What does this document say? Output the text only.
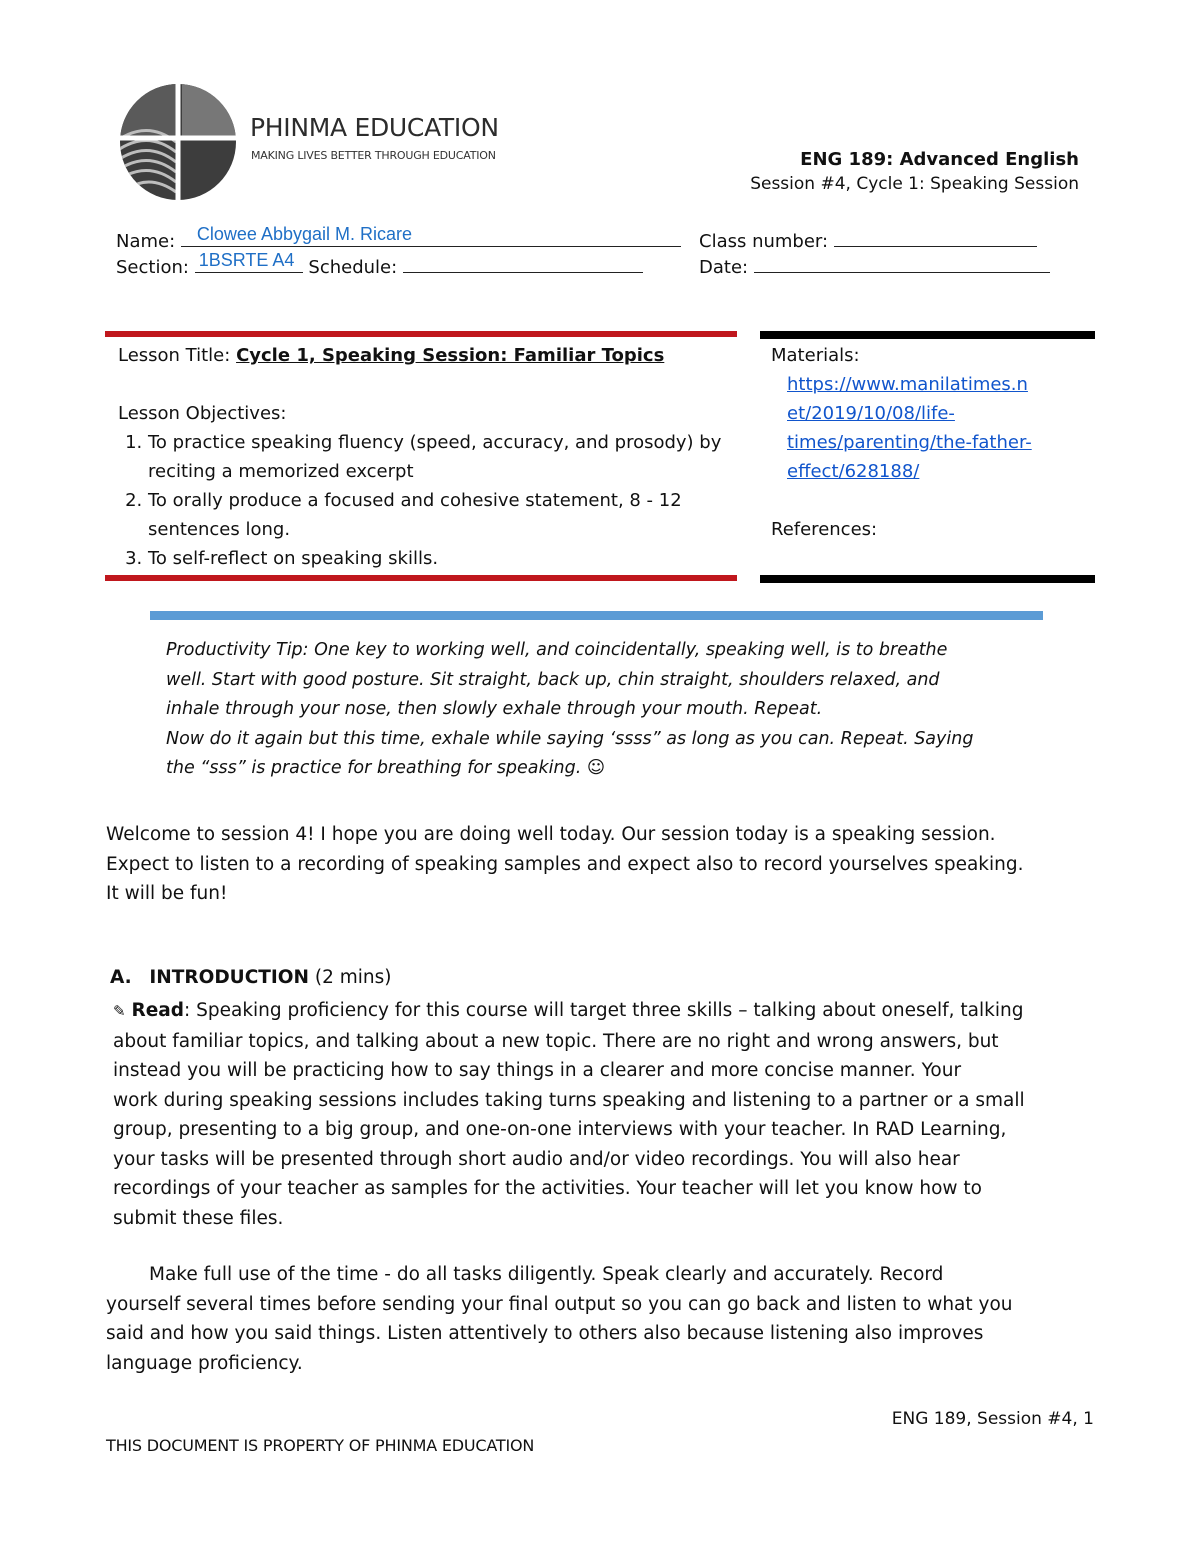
PHINMA EDUCATION
MAKING LIVES BETTER THROUGH EDUCATION	ENG 189: Advanced English
Session #4, Cycle 1: Speaking Session
Name: Clowee Abbygail M. Ricare	Class number:
Section: 1BSRTE A4 Schedule:	Date:
Lesson Title: Cycle 1, Speaking Session: Familiar Topics
Lesson Objectives:
1. To practice speaking fluency (speed, accuracy, and prosody) by reciting a memorized excerpt
2. To orally produce a focused and cohesive statement, 8 - 12 sentences long.
3. To self-reflect on speaking skills.
Materials:
https://www.manilatimes.n
et/2019/10/08/life-
times/parenting/the-father-
effect/628188/
References:
Productivity Tip: One key to working well, and coincidentally, speaking well, is to breathe
well. Start with good posture. Sit straight, back up, chin straight, shoulders relaxed, and
inhale through your nose, then slowly exhale through your mouth. Repeat.
Now do it again but this time, exhale while saying ‘ssss” as long as you can. Repeat. Saying
the “sss” is practice for breathing for speaking. ☺
Welcome to session 4! I hope you are doing well today. Our session today is a speaking session.
Expect to listen to a recording of speaking samples and expect also to record yourselves speaking.
It will be fun!
A. INTRODUCTION (2 mins)
✎ Read: Speaking proficiency for this course will target three skills – talking about oneself, talking
about familiar topics, and talking about a new topic. There are no right and wrong answers, but
instead you will be practicing how to say things in a clearer and more concise manner. Your
work during speaking sessions includes taking turns speaking and listening to a partner or a small
group, presenting to a big group, and one-on-one interviews with your teacher. In RAD Learning,
your tasks will be presented through short audio and/or video recordings. You will also hear
recordings of your teacher as samples for the activities. Your teacher will let you know how to
submit these files.
Make full use of the time - do all tasks diligently. Speak clearly and accurately. Record
yourself several times before sending your final output so you can go back and listen to what you
said and how you said things. Listen attentively to others also because listening also improves
language proficiency.
ENG 189, Session #4, 1
THIS DOCUMENT IS PROPERTY OF PHINMA EDUCATION
